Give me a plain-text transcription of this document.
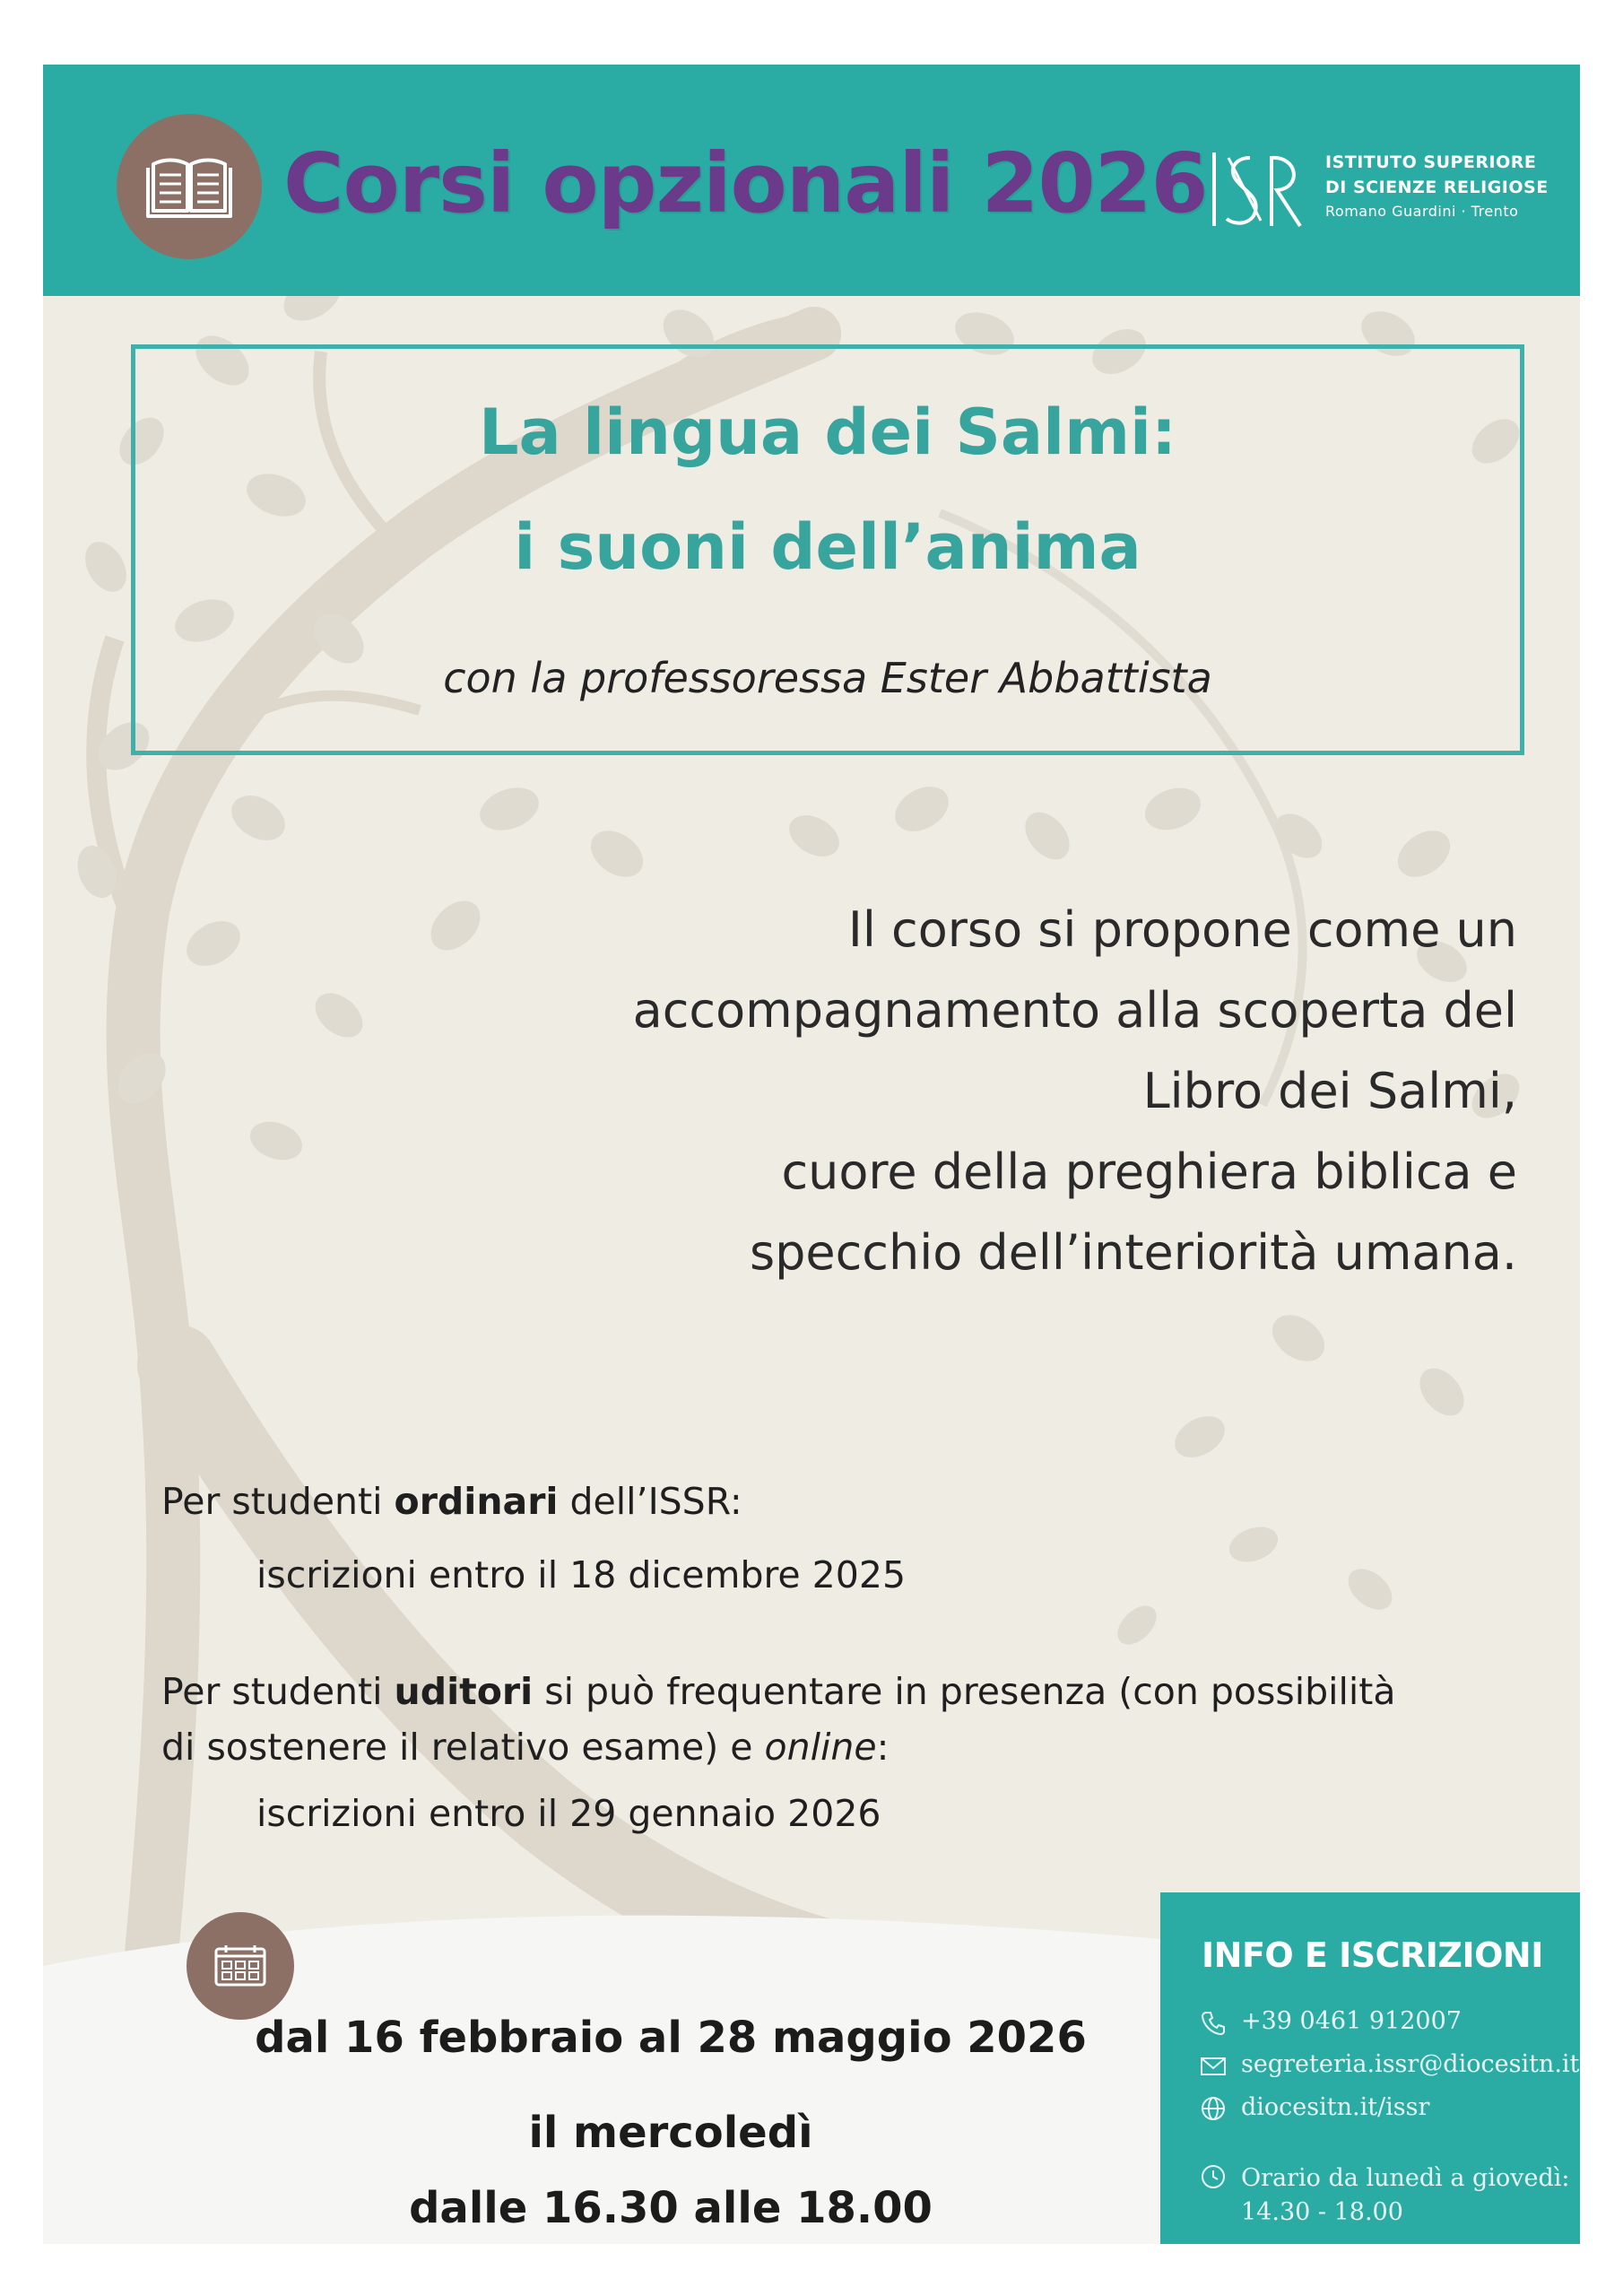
Corsi opzionali 2026	ISTITUTO SUPERIORE
DI SCIENZE RELIGIOSE
Romano Guardini · Trento
La lingua dei Salmi:
i suoni dell’anima
con la professoressa Ester Abbattista
Il corso si propone come un
accompagnamento alla scoperta del
Libro dei Salmi,
cuore della preghiera biblica e
specchio dell’interiorità umana.
Per studenti ordinari dell’ISSR:
iscrizioni entro il 18 dicembre 2025
Per studenti uditori si può frequentare in presenza (con possibilità
di sostenere il relativo esame) e online:
iscrizioni entro il 29 gennaio 2026
dal 16 febbraio al 28 maggio 2026
il mercoledì
dalle 16.30 alle 18.00
INFO E ISCRIZIONI
+39 0461 912007
segreteria.issr@diocesitn.it
diocesitn.it/issr
Orario da lunedì a giovedì:
14.30 - 18.00
